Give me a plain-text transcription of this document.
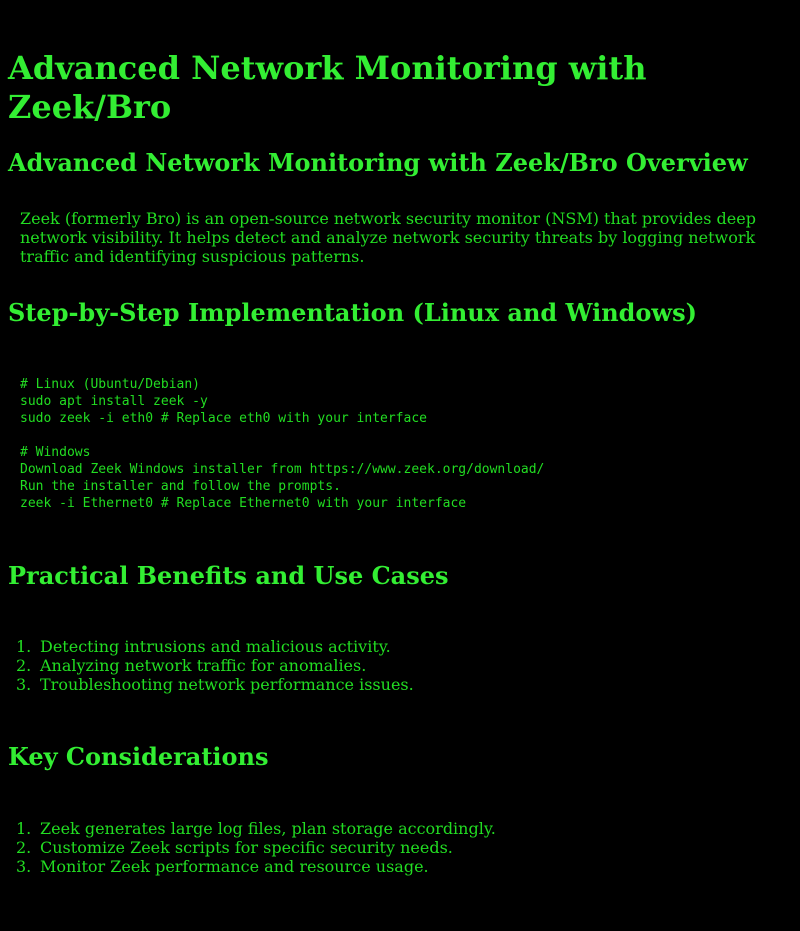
Advanced Network Monitoring with Zeek/Bro
Advanced Network Monitoring with Zeek/Bro Overview

Zeek (formerly Bro) is an open-source network security monitor (NSM) that provides deep network visibility. It helps detect and analyze network security threats by logging network traffic and identifying suspicious patterns.

Step-by-Step Implementation (Linux and Windows)
# Linux (Ubuntu/Debian)
sudo apt install zeek -y
sudo zeek -i eth0 # Replace eth0 with your interface

# Windows
Download Zeek Windows installer from https://www.zeek.org/download/
Run the installer and follow the prompts.
zeek -i Ethernet0 # Replace Ethernet0 with your interface
Practical Benefits and Use Cases
1. Detecting intrusions and malicious activity.
2. Analyzing network traffic for anomalies.
3. Troubleshooting network performance issues.
Key Considerations
1. Zeek generates large log files, plan storage accordingly.
2. Customize Zeek scripts for specific security needs.
3. Monitor Zeek performance and resource usage.
